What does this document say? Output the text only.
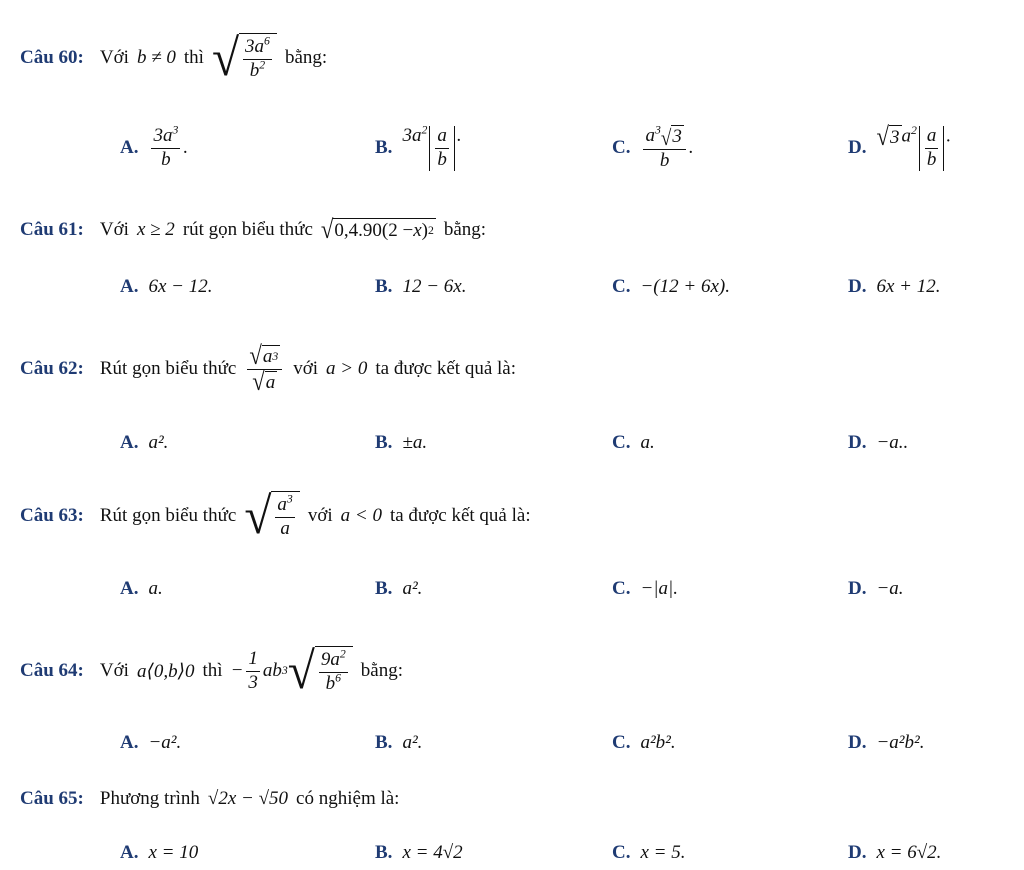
Câu 60: Với b ≠ 0 thì √ $\frac{3a^6}{b^2}$ bằng:
A. $\frac{3a^3}{b}$ .	B.
$3a^2 \frac{a}{b}$ .
C. $\frac{a^3 √ 3}{b}$ .	D. √ 3 $a^2 \frac{a}{b}$ .
Câu 61: Với x ≥ 2 rút gọn biểu thức √ 0,4.90(2 − x ) 2 bằng:
A. 6x − 12.	B. 12 − 6x.	C. −(12 + 6x).	D. 6x + 12.
Câu 62: Rút gọn biểu thức $\frac{√ a 3}{√ a}$ với a > 0 ta được kết quả là:
A. a².	B. ±a.	C. a.	D. −a..
Câu 63: Rút gọn biểu thức √ $\frac{a^3}{a}$ với a < 0 ta được kết quả là:
A. a.	B. a².	C. −|a|.	D. −a.
Câu 64: Với a⟨0,b⟩0 thì − $\frac{1}{3}$ ab 3 √ $\frac{9a^2}{b^6}$ bằng:
A. −a².	B. a².	C. a²b².	D. −a²b².
Câu 65: Phương trình √2x − √50 có nghiệm là:
A. x = 10	B. x = 4√2	C. x = 5.	D. x = 6√2.
